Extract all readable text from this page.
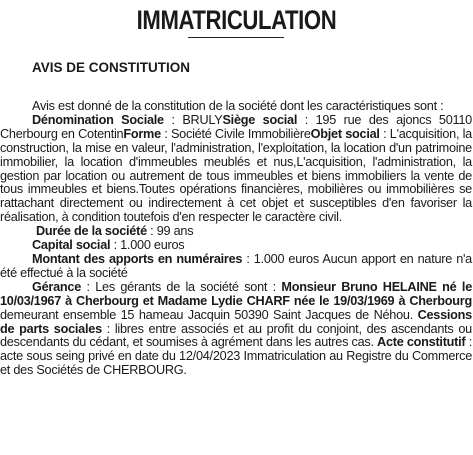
IMMATRICULATION
AVIS DE CONSTITUTION

Avis est donné de la constitution de la société dont les caractéristiques sont :

Dénomination Sociale : BRULYSiège social : 195 rue des ajoncs 50110 Cherbourg en CotentinForme : Société Civile ImmobilièreObjet social : L'acquisition, la construction, la mise en valeur, l'administration, l'exploitation, la location d'un patrimoine immobilier, la location d'immeubles meublés et nus,L'acquisition, l'administration, la gestion par location ou autrement de tous immeubles et biens immobiliers la vente de tous immeubles et biens.Toutes opérations financières, mobilières ou immobilières se rattachant directement ou indirectement à cet objet et susceptibles d'en favoriser la réalisation, à condition toutefois d'en respecter le caractère civil.

Durée de la société : 99 ans

Capital social : 1.000 euros

Montant des apports en numéraires : 1.000 euros Aucun apport en nature n'a été effectué à la société

Gérance : Les gérants de la société sont : Monsieur Bruno HELAINE né le 10/03/1967 à Cherbourg et Madame Lydie CHARF née le 19/03/1969 à Cherbourg demeurant ensemble 15 hameau Jacquin 50390 Saint Jacques de Néhou. Cessions de parts sociales : libres entre associés et au profit du conjoint, des ascendants ou descendants du cédant, et soumises à agrément dans les autres cas. Acte constitutif : acte sous seing privé en date du 12/04/2023 Immatriculation au Registre du Commerce et des Sociétés de CHERBOURG.
